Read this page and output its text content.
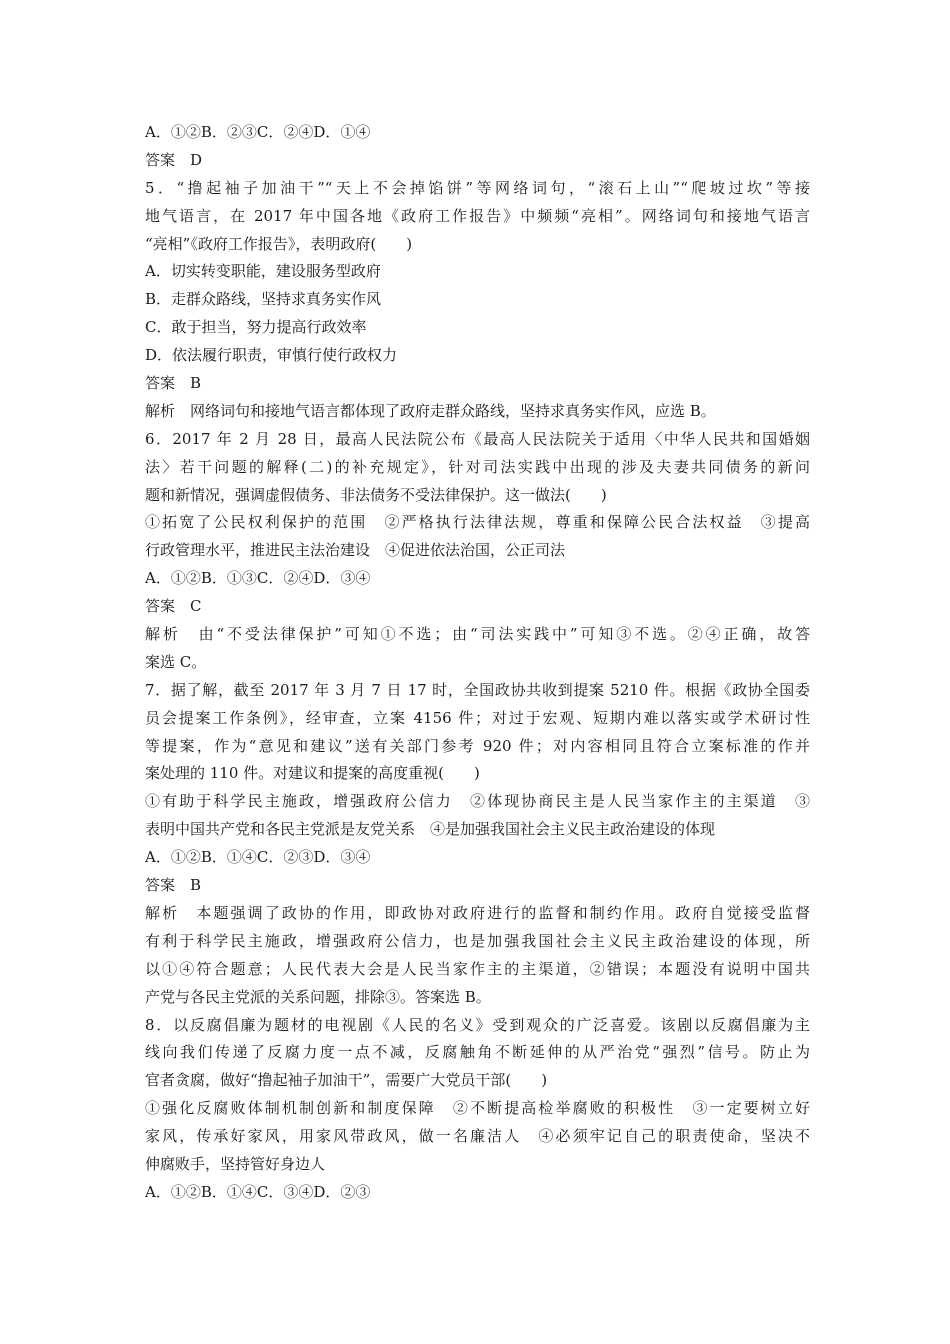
A．①②B．②③C．②④D．①④
答案　D
5．“撸起袖子加油干”“天上不会掉馅饼”等网络词句，“滚石上山”“爬坡过坎”等接
地气语言，在 2017 年中国各地《政府工作报告》中频频“亮相”。网络词句和接地气语言
“亮相”《政府工作报告》，表明政府(　　)
A．切实转变职能，建设服务型政府
B．走群众路线，坚持求真务实作风
C．敢于担当，努力提高行政效率
D．依法履行职责，审慎行使行政权力
答案　B
解析　网络词句和接地气语言都体现了政府走群众路线，坚持求真务实作风，应选 B。
6．2017 年 2 月 28 日，最高人民法院公布《最高人民法院关于适用〈中华人民共和国婚姻
法〉若干问题的解释(二)的补充规定》，针对司法实践中出现的涉及夫妻共同债务的新问
题和新情况，强调虚假债务、非法债务不受法律保护。这一做法(　　)
①拓宽了公民权利保护的范围　②严格执行法律法规，尊重和保障公民合法权益　③提高
行政管理水平，推进民主法治建设　④促进依法治国，公正司法
A．①②B．①③C．②④D．③④
答案　C
解析　由“不受法律保护”可知①不选；由“司法实践中”可知③不选。②④正确，故答
案选 C。
7．据了解，截至 2017 年 3 月 7 日 17 时，全国政协共收到提案 5210 件。根据《政协全国委
员会提案工作条例》，经审查，立案 4156 件；对过于宏观、短期内难以落实或学术研讨性
等提案，作为“意见和建议”送有关部门参考 920 件；对内容相同且符合立案标准的作并
案处理的 110 件。对建议和提案的高度重视(　　)
①有助于科学民主施政，增强政府公信力　②体现协商民主是人民当家作主的主渠道　③
表明中国共产党和各民主党派是友党关系　④是加强我国社会主义民主政治建设的体现
A．①②B．①④C．②③D．③④
答案　B
解析　本题强调了政协的作用，即政协对政府进行的监督和制约作用。政府自觉接受监督
有利于科学民主施政，增强政府公信力，也是加强我国社会主义民主政治建设的体现，所
以①④符合题意；人民代表大会是人民当家作主的主渠道，②错误；本题没有说明中国共
产党与各民主党派的关系问题，排除③。答案选 B。
8．以反腐倡廉为题材的电视剧《人民的名义》受到观众的广泛喜爱。该剧以反腐倡廉为主
线向我们传递了反腐力度一点不减，反腐触角不断延伸的从严治党“强烈”信号。防止为
官者贪腐，做好“撸起袖子加油干”，需要广大党员干部(　　)
①强化反腐败体制机制创新和制度保障　②不断提高检举腐败的积极性　③一定要树立好
家风，传承好家风，用家风带政风，做一名廉洁人　④必须牢记自己的职责使命，坚决不
伸腐败手，坚持管好身边人
A．①②B．①④C．③④D．②③
